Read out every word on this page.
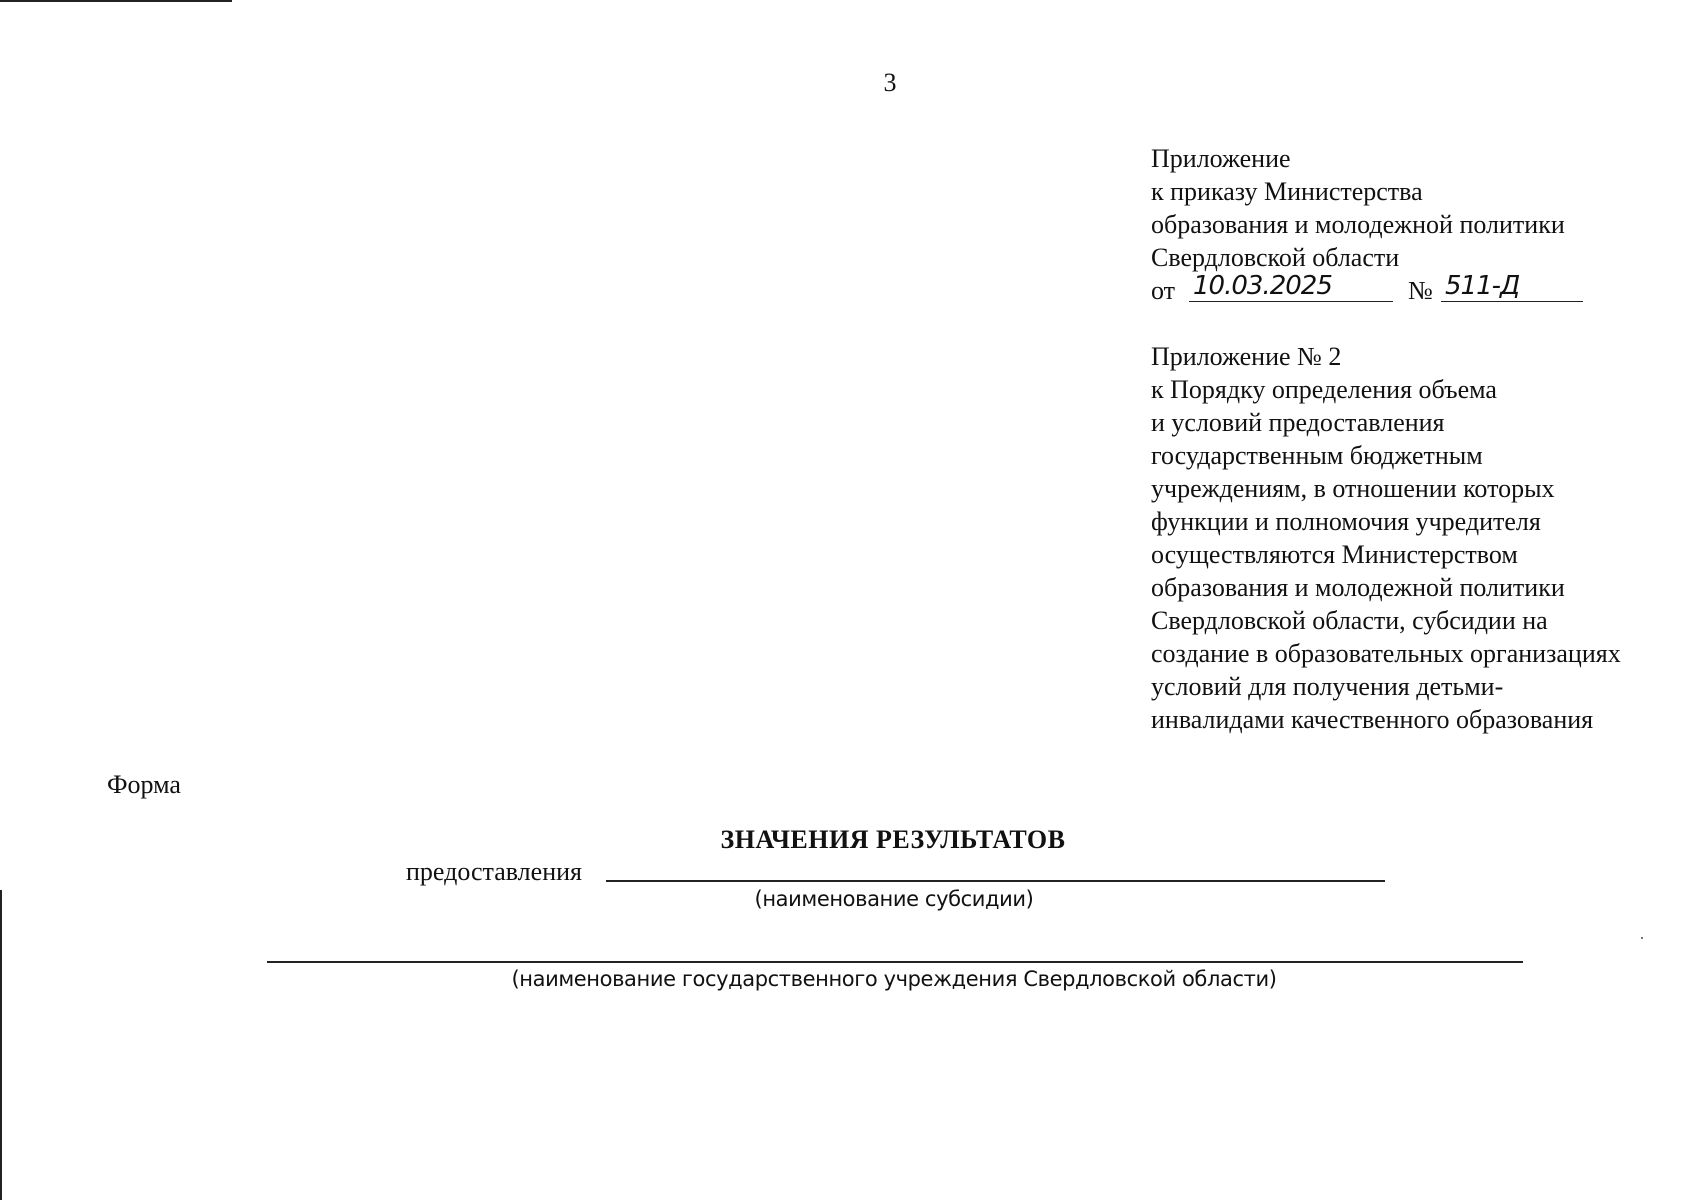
3
Приложение
к приказу Министерства
образования и молодежной политики
Свердловской области
от 10.03.2025	№ 511-Д
Приложение № 2
к Порядку определения объема
и условий предоставления
государственным бюджетным
учреждениям, в отношении которых
функции и полномочия учредителя
осуществляются Министерством
образования и молодежной политики
Свердловской области, субсидии на
создание в образовательных организациях
условий для получения детьми-
инвалидами качественного образования
Форма
ЗНАЧЕНИЯ РЕЗУЛЬТАТОВ
предоставления
(наименование субсидии)
(наименование государственного учреждения Свердловской области)
